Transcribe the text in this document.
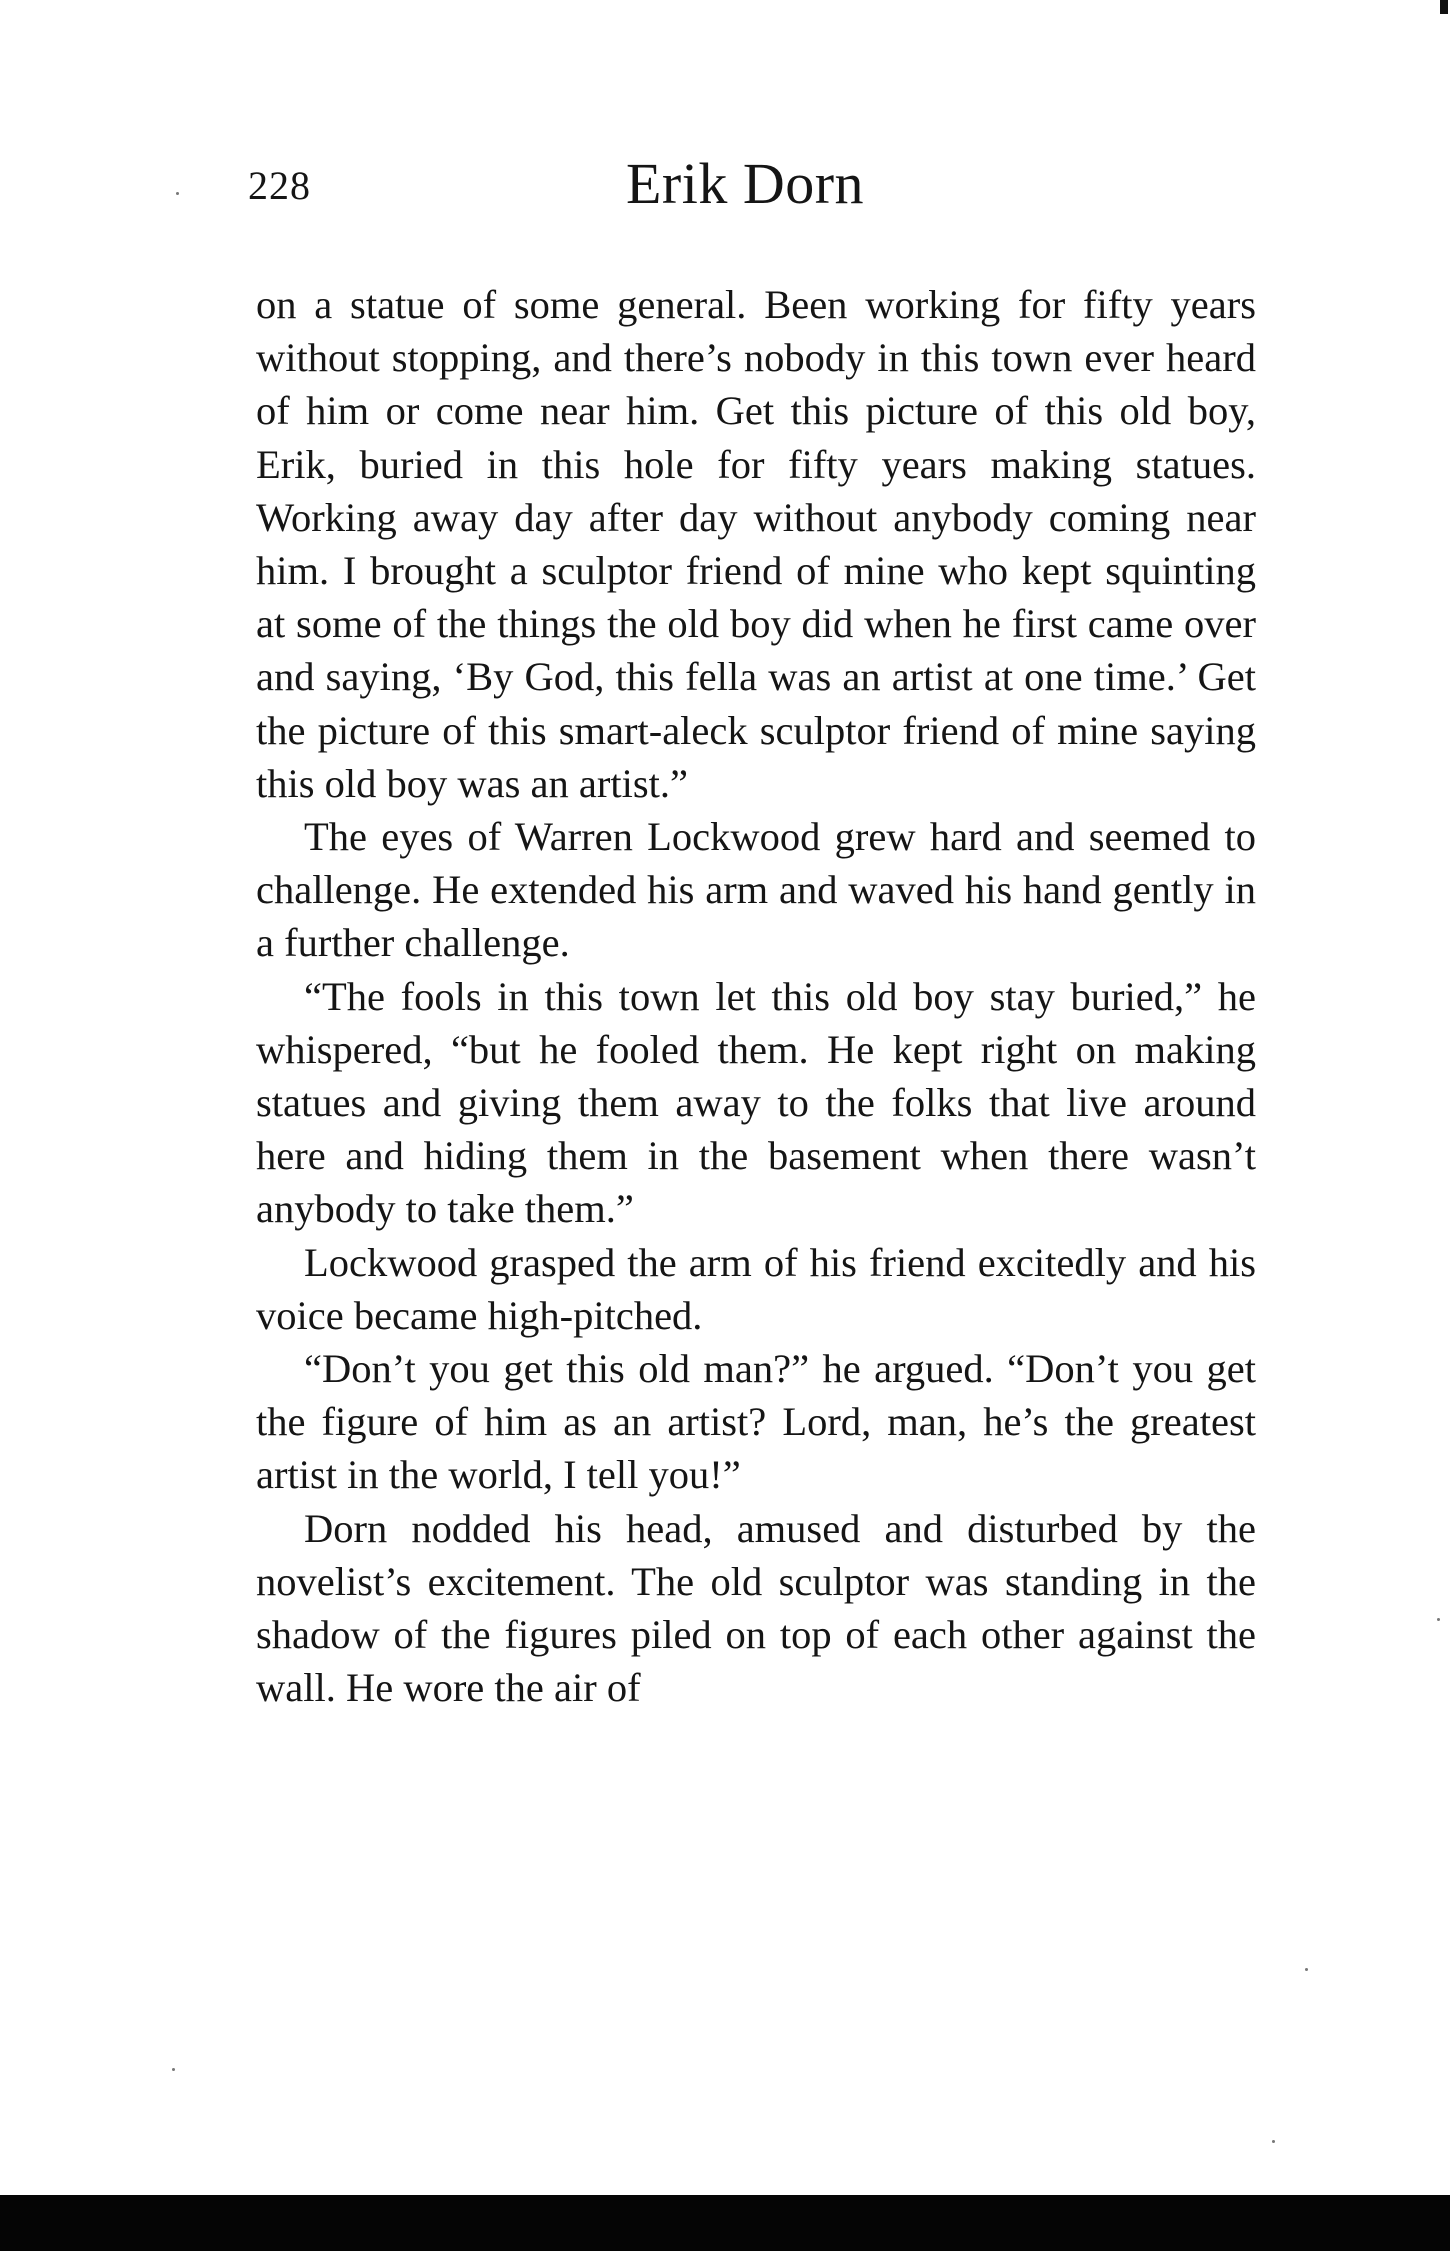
228	Erik Dorn

on a statue of some general. Been working for fifty years without stopping, and there’s nobody in this town ever heard of him or come near him. Get this picture of this old boy, Erik, buried in this hole for fifty years making statues. Working away day after day without anybody coming near him. I brought a sculptor friend of mine who kept squinting at some of the things the old boy did when he first came over and saying, ‘By God, this fella was an artist at one time.’ Get the picture of this smart-aleck sculptor friend of mine saying this old boy was an artist.”

The eyes of Warren Lockwood grew hard and seemed to challenge. He extended his arm and waved his hand gently in a further challenge.

“The fools in this town let this old boy stay buried,” he whispered, “but he fooled them. He kept right on making statues and giving them away to the folks that live around here and hiding them in the basement when there wasn’t anybody to take them.”

Lockwood grasped the arm of his friend excitedly and his voice became high-pitched.

“Don’t you get this old man?” he argued. “Don’t you get the figure of him as an artist? Lord, man, he’s the greatest artist in the world, I tell you!”

Dorn nodded his head, amused and disturbed by the novelist’s excitement. The old sculptor was standing in the shadow of the figures piled on top of each other against the wall. He wore the air of
